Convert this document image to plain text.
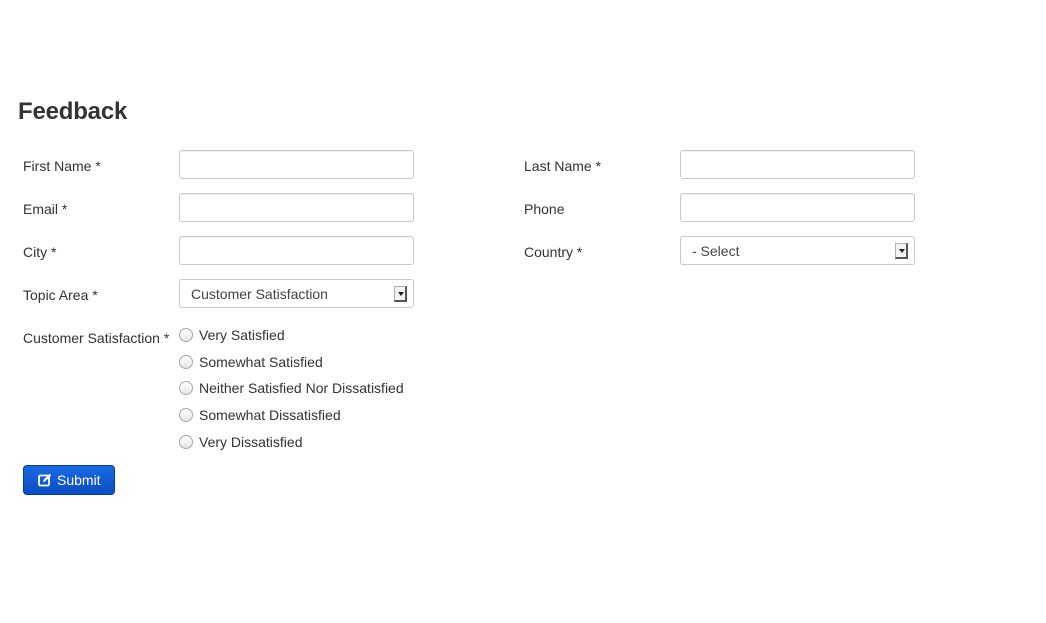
Feedback
First Name *	Last Name *
Email *	Phone
City *	Country *	- Select
Topic Area *	Customer Satisfaction
Customer Satisfaction * Very Satisfied
Somewhat Satisfied
Neither Satisfied Nor Dissatisfied
Somewhat Dissatisfied
Very Dissatisfied
Submit
